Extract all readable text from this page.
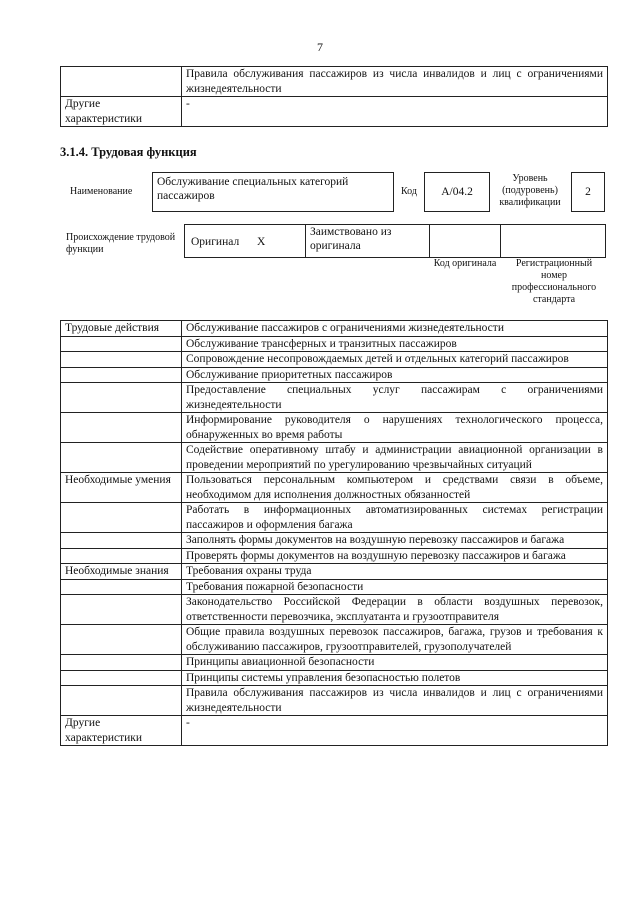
7
	Правила обслуживания пассажиров из числа инвалидов и лиц с ограничениями жизнедеятельности
Другие характеристики	-
3.1.4. Трудовая функция
Наименование
Обслуживание специальных категорий пассажиров	Код	A/04.2
Уровень (подуровень) квалификации
2
Происхождение трудовой функции
Оригинал X
Заимствовано из оригинала
Код оригинала	Регистрационный номер профессионального стандарта
Трудовые действия	Обслуживание пассажиров с ограничениями жизнедеятельности
	Обслуживание трансферных и транзитных пассажиров
	Сопровождение несопровождаемых детей и отдельных категорий пассажиров
	Обслуживание приоритетных пассажиров
	Предоставление специальных услуг пассажирам с ограничениями жизнедеятельности
	Информирование руководителя о нарушениях технологического процесса, обнаруженных во время работы
	Содействие оперативному штабу и администрации авиационной организации в проведении мероприятий по урегулированию чрезвычайных ситуаций
Необходимые умения	Пользоваться персональным компьютером и средствами связи в объеме, необходимом для исполнения должностных обязанностей
	Работать в информационных автоматизированных системах регистрации пассажиров и оформления багажа
	Заполнять формы документов на воздушную перевозку пассажиров и багажа
	Проверять формы документов на воздушную перевозку пассажиров и багажа
Необходимые знания	Требования охраны труда
	Требования пожарной безопасности
	Законодательство Российской Федерации в области воздушных перевозок, ответственности перевозчика, эксплуатанта и грузоотправителя
	Общие правила воздушных перевозок пассажиров, багажа, грузов и требования к обслуживанию пассажиров, грузоотправителей, грузополучателей
	Принципы авиационной безопасности
	Принципы системы управления безопасностью полетов
	Правила обслуживания пассажиров из числа инвалидов и лиц с ограничениями жизнедеятельности
Другие характеристики	-
